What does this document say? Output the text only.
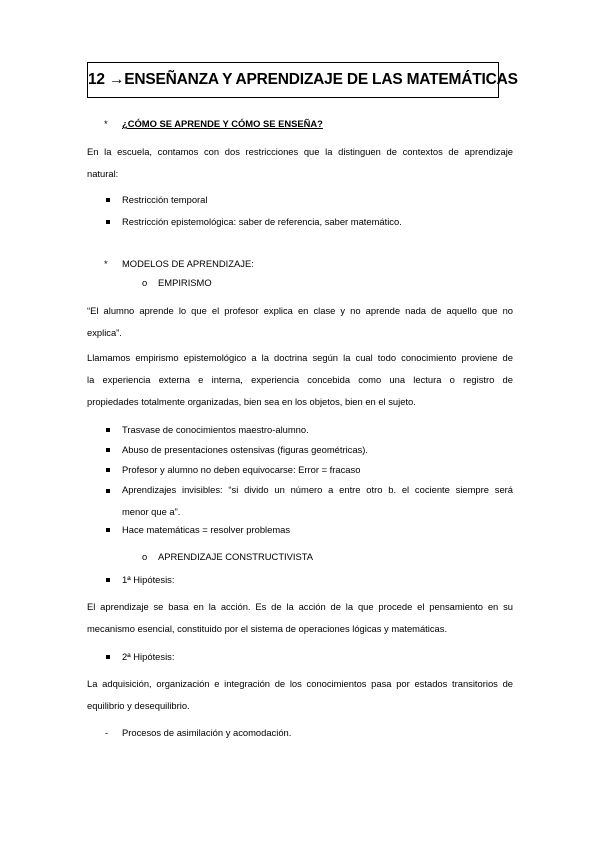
12 →ENSEÑANZA Y APRENDIZAJE DE LAS MATEMÁTICAS
* ¿CÓMO SE APRENDE Y CÓMO SE ENSEÑA?
En la escuela, contamos con dos restricciones que la distinguen de contextos de aprendizaje
natural:
Restricción temporal
Restricción epistemológica: saber de referencia, saber matemático.
* MODELOS DE APRENDIZAJE:
o EMPIRISMO
“El alumno aprende lo que el profesor explica en clase y no aprende nada de aquello que no
explica”.
Llamamos empirismo epistemológico a la doctrina según la cual todo conocimiento proviene de
la experiencia externa e interna, experiencia concebida como una lectura o registro de
propiedades totalmente organizadas, bien sea en los objetos, bien en el sujeto.
Trasvase de conocimientos maestro-alumno.
Abuso de presentaciones ostensivas (figuras geométricas).
Profesor y alumno no deben equivocarse: Error = fracaso
Aprendizajes invisibles: “si divido un número a entre otro b. el cociente siempre será
menor que a”.
Hace matemáticas = resolver problemas
o APRENDIZAJE CONSTRUCTIVISTA
1ª Hipótesis:
El aprendizaje se basa en la acción. Es de la acción de la que procede el pensamiento en su
mecanismo esencial, constituido por el sistema de operaciones lógicas y matemáticas.
2ª Hipótesis:
La adquisición, organización e integración de los conocimientos pasa por estados transitorios de
equilibrio y desequilibrio.
- Procesos de asimilación y acomodación.
